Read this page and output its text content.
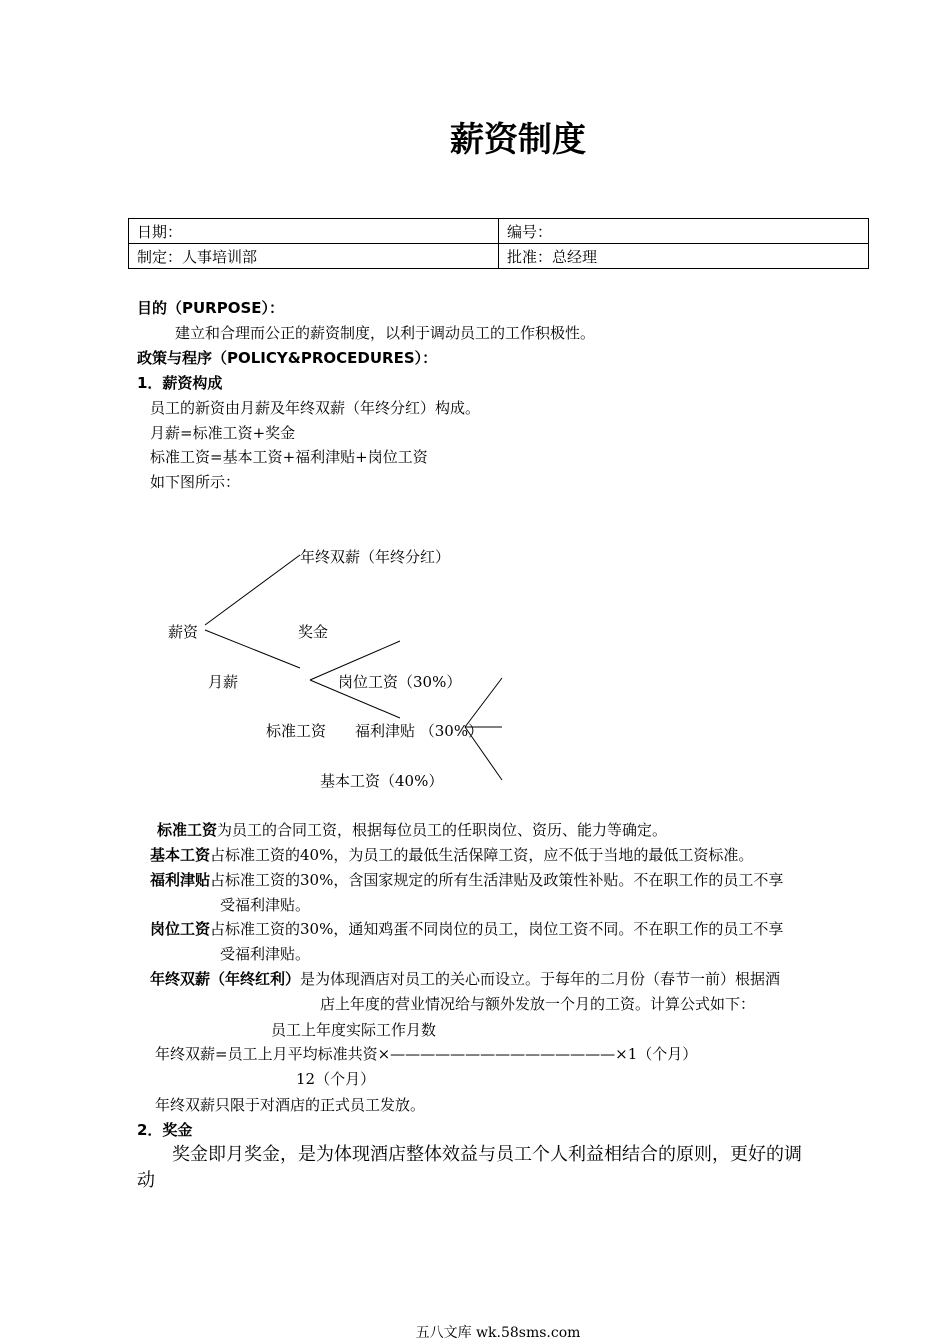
薪资制度
日期：	编号：
制定：人事培训部	批准：总经理
目的（PURPOSE）：
建立和合理而公正的薪资制度，以利于调动员工的工作积极性。
政策与程序（POLICY&PROCEDURES）：
1．薪资构成
员工的新资由月薪及年终双薪（年终分红）构成。
月薪=标准工资+奖金
标准工资=基本工资+福利津贴+岗位工资
如下图所示：
年终双薪（年终分红）
薪资	奖金
月薪	岗位工资（30%）
标准工资 福利津贴 （30%）
基本工资（40%）
标准工资为员工的合同工资，根据每位员工的任职岗位、资历、能力等确定。
基本工资占标准工资的40%，为员工的最低生活保障工资，应不低于当地的最低工资标准。
福利津贴占标准工资的30%，含国家规定的所有生活津贴及政策性补贴。不在职工作的员工不享
受福利津贴。
岗位工资占标准工资的30%，通知鸡蛋不同岗位的员工，岗位工资不同。不在职工作的员工不享
受福利津贴。
年终双薪（年终红利）是为体现酒店对员工的关心而设立。于每年的二月份（春节一前）根据酒
店上年度的营业情况给与额外发放一个月的工资。计算公式如下：
员工上年度实际工作月数
年终双薪=员工上月平均标准共资×———————————————×1（个月）
12（个月）
年终双薪只限于对酒店的正式员工发放。
2．奖金
奖金即月奖金，是为体现酒店整体效益与员工个人利益相结合的原则，更好的调
动
五八文库 wk.58sms.com
